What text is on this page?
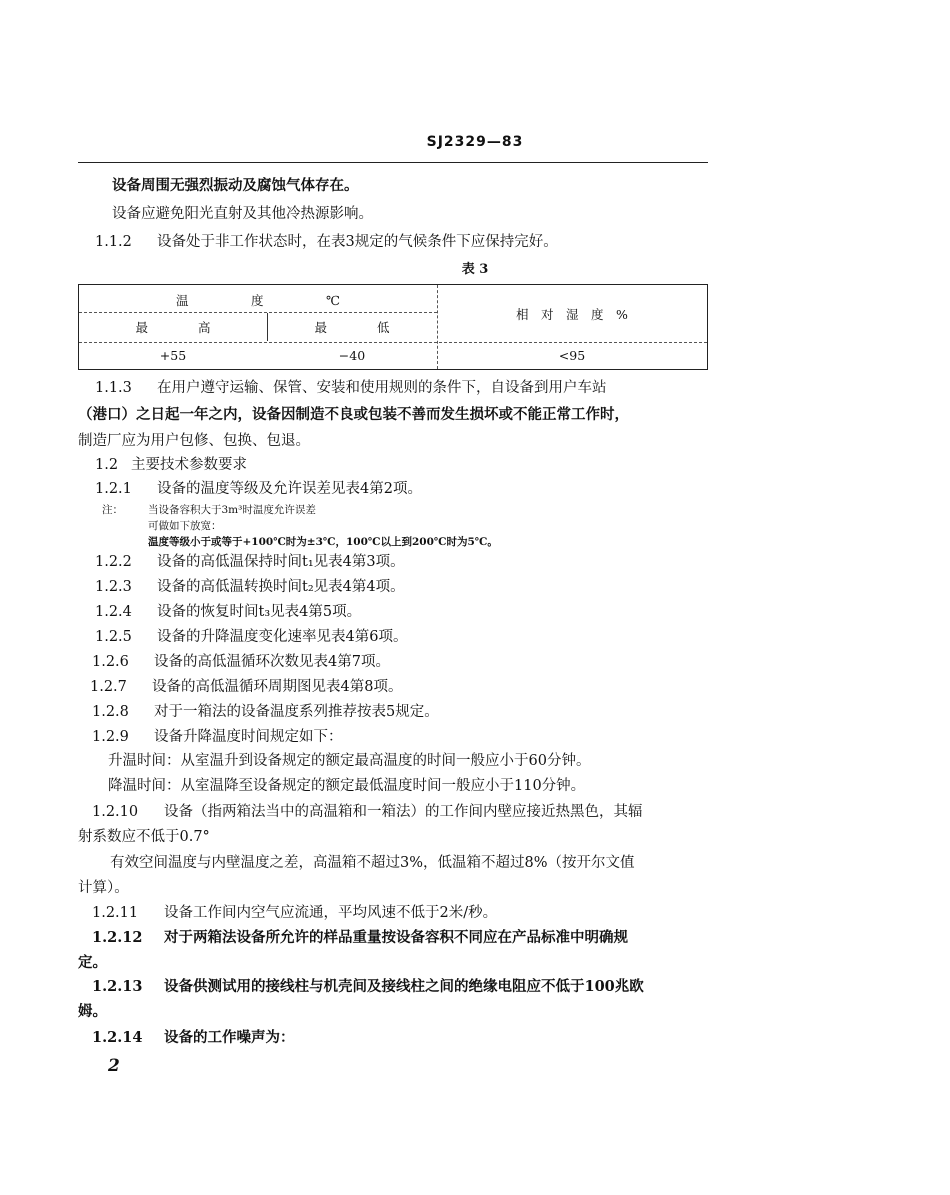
SJ2329—83
设备周围无强烈振动及腐蚀气体存在。
设备应避免阳光直射及其他冷热源影响。
1.1.2 设备处于非工作状态时，在表3规定的气候条件下应保持完好。
表 3
温　　　　　度　　　　　℃
最　　　　高	最　　　　低
相　对　湿　度　%
+55	−40	<95
1.1.3 在用户遵守运输、保管、安装和使用规则的条件下，自设备到用户车站
（港口）之日起一年之内，设备因制造不良或包装不善而发生损坏或不能正常工作时，
制造厂应为用户包修、包换、包退。
1.2 主要技术参数要求
1.2.1 设备的温度等级及允许误差见表4第2项。
注： 当设备容积大于3m³时温度允许误差
可做如下放宽：
温度等级小于或等于+100℃时为±3℃，100℃以上到200℃时为5℃。
1.2.2 设备的高低温保持时间t₁见表4第3项。
1.2.3 设备的高低温转换时间t₂见表4第4项。
1.2.4 设备的恢复时间t₃见表4第5项。
1.2.5 设备的升降温度变化速率见表4第6项。
1.2.6 设备的高低温循环次数见表4第7项。
1.2.7 设备的高低温循环周期图见表4第8项。
1.2.8 对于一箱法的设备温度系列推荐按表5规定。
1.2.9 设备升降温度时间规定如下：
升温时间：从室温升到设备规定的额定最高温度的时间一般应小于60分钟。
降温时间：从室温降至设备规定的额定最低温度时间一般应小于110分钟。
1.2.10 设备（指两箱法当中的高温箱和一箱法）的工作间内壁应接近热黑色，其辐
射系数应不低于0.7°
有效空间温度与内壁温度之差，高温箱不超过3%，低温箱不超过8%（按开尔文值
计算）。
1.2.11 设备工作间内空气应流通，平均风速不低于2米/秒。
1.2.12 对于两箱法设备所允许的样品重量按设备容积不同应在产品标准中明确规
定。
1.2.13 设备供测试用的接线柱与机壳间及接线柱之间的绝缘电阻应不低于100兆欧
姆。
1.2.14 设备的工作噪声为：
2
